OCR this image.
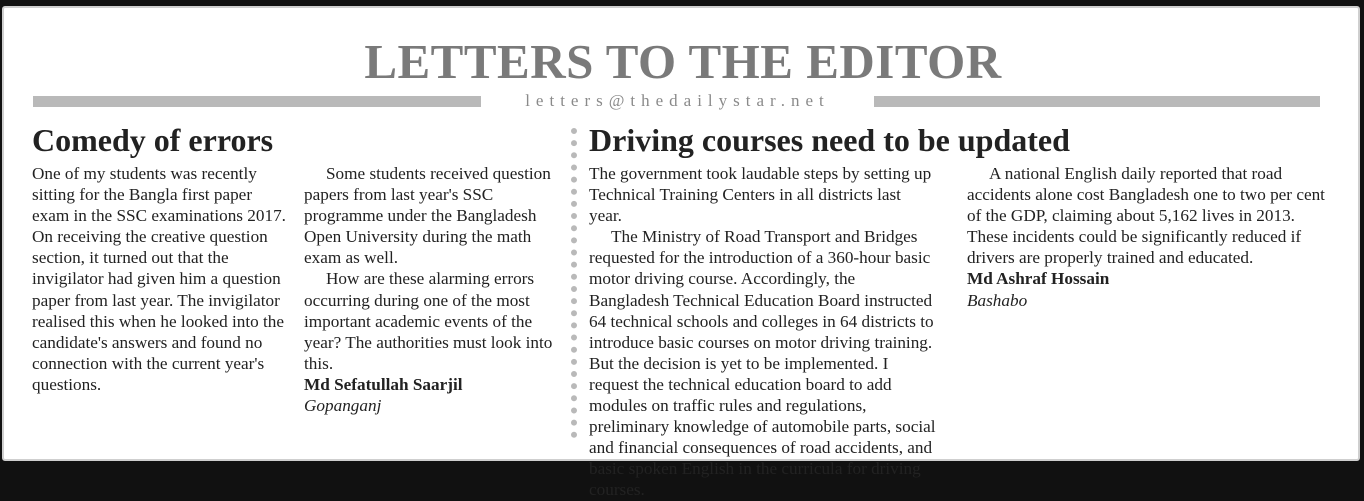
LETTERS TO THE EDITOR
letters@thedailystar.net
Comedy of errors

One of my students was recently sitting for the Bangla first paper exam in the SSC examinations 2017. On receiving the creative question section, it turned out that the invigilator had given him a question paper from last year. The invigilator realised this when he looked into the candidate's answers and found no connection with the current year's questions.

Some students received question papers from last year's SSC programme under the Bangladesh Open University during the math exam as well.

How are these alarming errors occurring during one of the most important academic events of the year? The authorities must look into this.

Md Sefatullah Saarjil

Gopanganj

Driving courses need to be updated

The government took laudable steps by setting up Technical Training Centers in all districts last year.

The Ministry of Road Transport and Bridges requested for the introduction of a 360-hour basic motor driving course. Accordingly, the Bangladesh Technical Education Board instructed 64 technical schools and colleges in 64 districts to introduce basic courses on motor driving training. But the decision is yet to be implemented. I request the technical education board to add modules on traffic rules and regulations, preliminary knowledge of automobile parts, social and financial consequences of road accidents, and basic spoken English in the curricula for driving courses.

A national English daily reported that road accidents alone cost Bangladesh one to two per cent of the GDP, claiming about 5,162 lives in 2013. These incidents could be significantly reduced if drivers are properly trained and educated.

Md Ashraf Hossain

Bashabo
